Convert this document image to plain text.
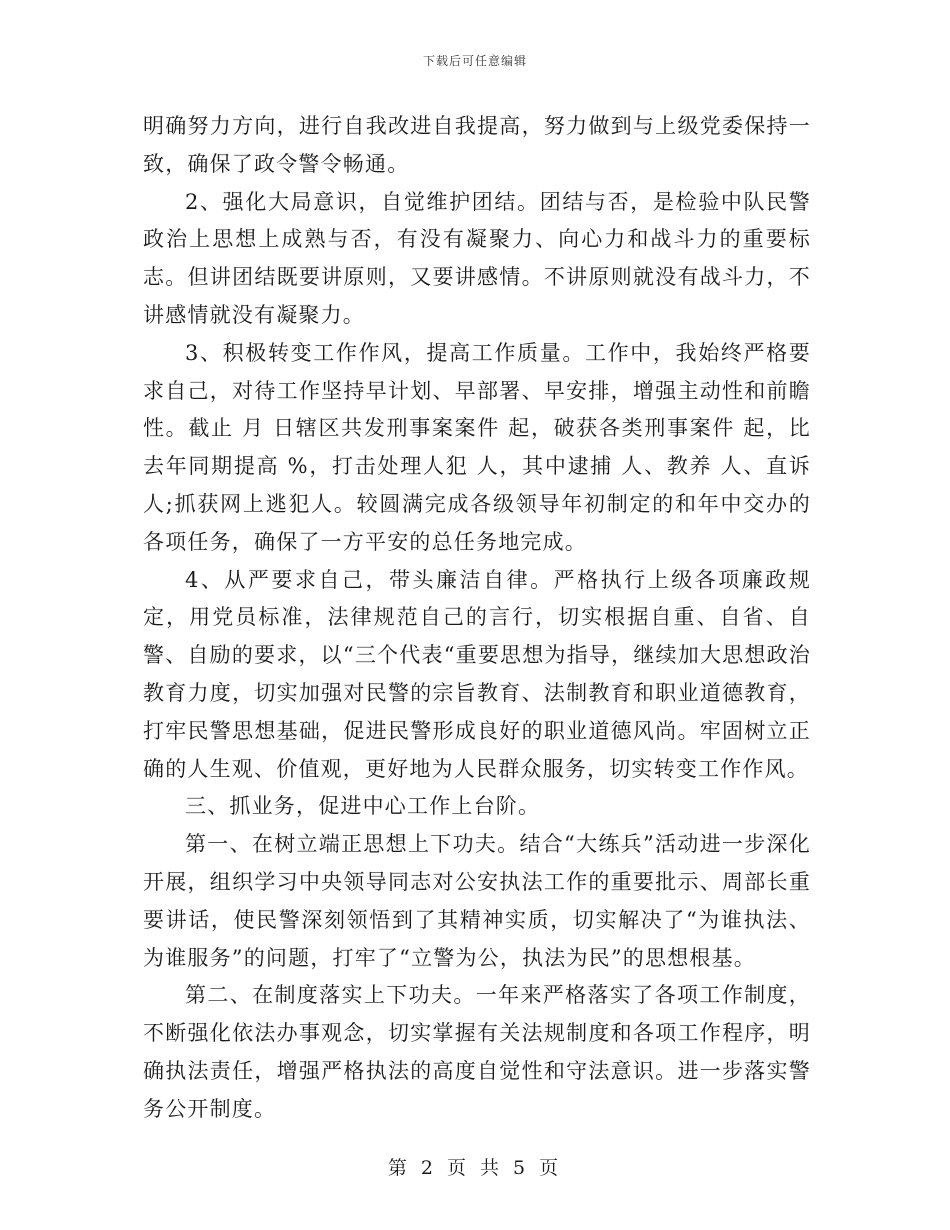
下载后可任意编辑

明确努力方向，进行自我改进自我提高，努力做到与上级党委保持一致，确保了政令警令畅通。

2、强化大局意识，自觉维护团结。团结与否，是检验中队民警政治上思想上成熟与否，有没有凝聚力、向心力和战斗力的重要标志。但讲团结既要讲原则，又要讲感情。不讲原则就没有战斗力，不讲感情就没有凝聚力。

3、积极转变工作作风，提高工作质量。工作中，我始终严格要求自己，对待工作坚持早计划、早部署、早安排，增强主动性和前瞻性。截止 月 日辖区共发刑事案案件 起，破获各类刑事案件 起，比去年同期提高 %，打击处理人犯 人，其中逮捕 人、教养 人、直诉 人;抓获网上逃犯人。较圆满完成各级领导年初制定的和年中交办的各项任务，确保了一方平安的总任务地完成。

4、从严要求自己，带头廉洁自律。严格执行上级各项廉政规定，用党员标准，法律规范自己的言行，切实根据自重、自省、自警、自励的要求，以“三个代表“重要思想为指导，继续加大思想政治教育力度，切实加强对民警的宗旨教育、法制教育和职业道德教育，打牢民警思想基础，促进民警形成良好的职业道德风尚。牢固树立正确的人生观、价值观，更好地为人民群众服务，切实转变工作作风。

三、抓业务，促进中心工作上台阶。

第一、在树立端正思想上下功夫。结合“大练兵”活动进一步深化开展，组织学习中央领导同志对公安执法工作的重要批示、周部长重要讲话，使民警深刻领悟到了其精神实质，切实解决了“为谁执法、为谁服务”的问题，打牢了“立警为公，执法为民”的思想根基。

第二、在制度落实上下功夫。一年来严格落实了各项工作制度，不断强化依法办事观念，切实掌握有关法规制度和各项工作程序，明确执法责任，增强严格执法的高度自觉性和守法意识。进一步落实警务公开制度。

第 2 页 共 5 页
